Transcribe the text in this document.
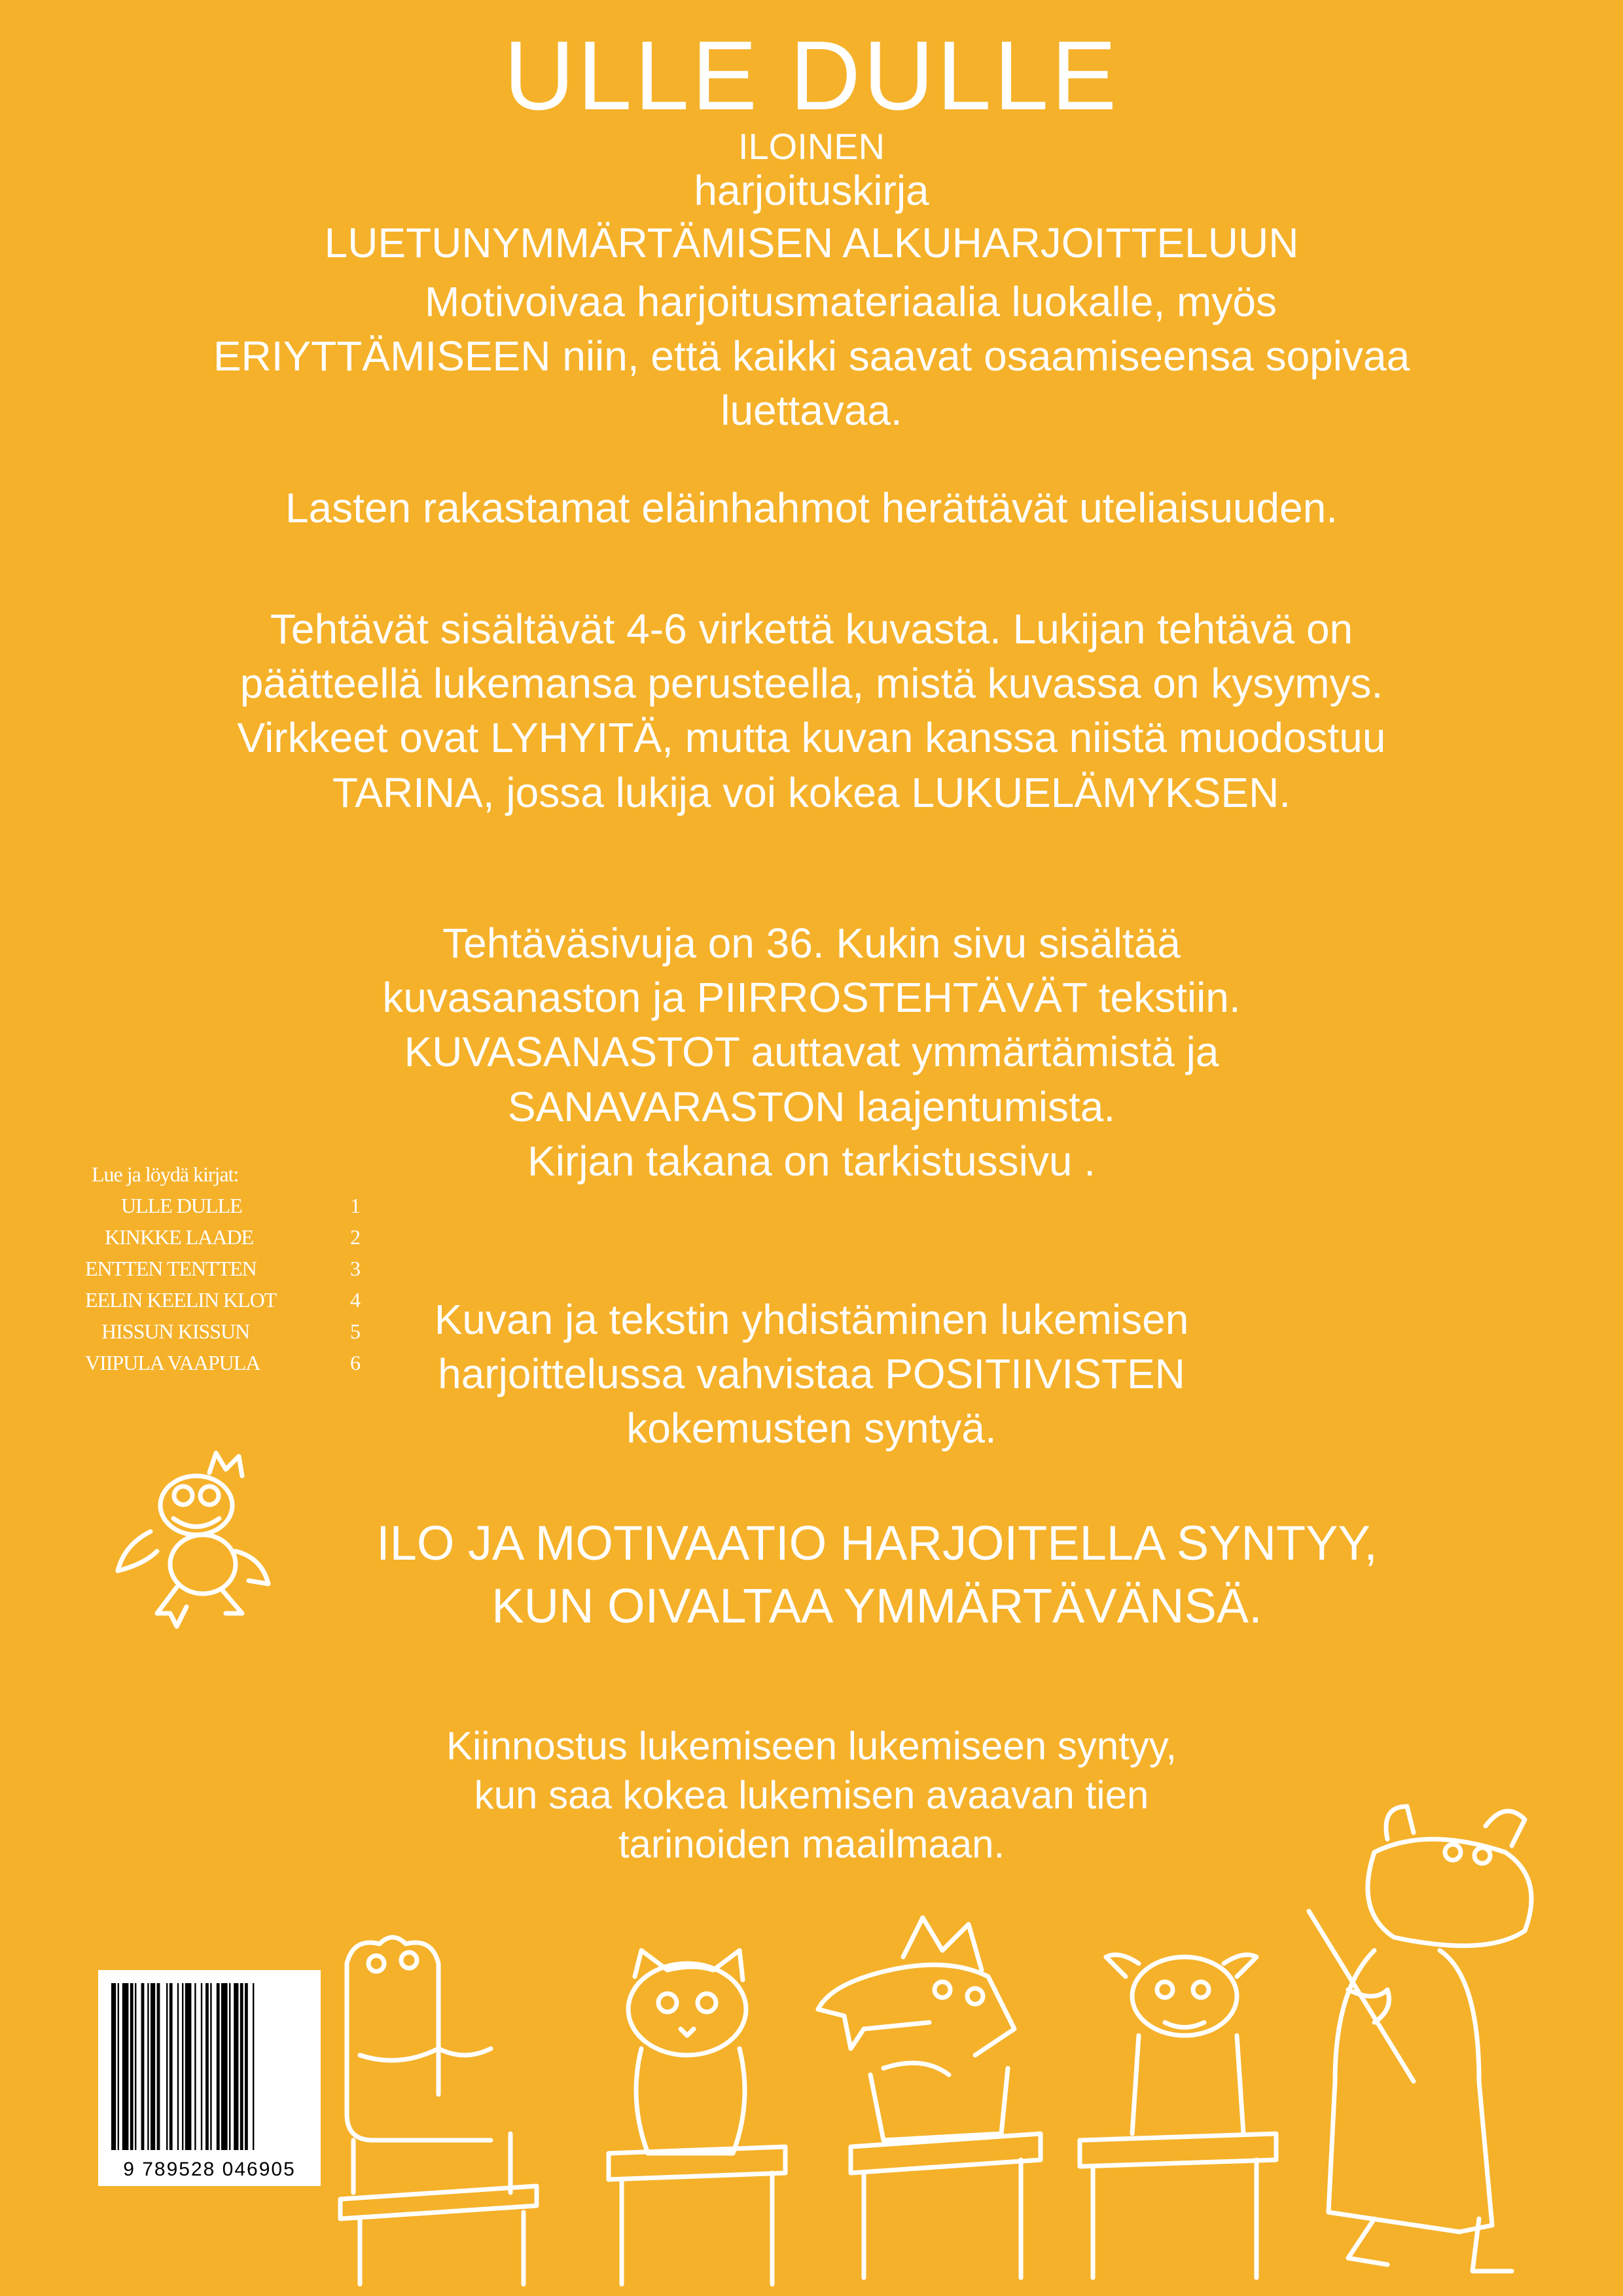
ULLE DULLE
ILOINEN
harjoituskirja
LUETUNYMMÄRTÄMISEN ALKUHARJOITTELUUN
Motivoivaa harjoitusmateriaalia luokalle, myös
ERIYTTÄMISEEN niin, että kaikki saavat osaamiseensa sopivaa
luettavaa.
Lasten rakastamat eläinhahmot herättävät uteliaisuuden.
Tehtävät sisältävät 4-6 virkettä kuvasta. Lukijan tehtävä on
päätteellä lukemansa perusteella, mistä kuvassa on kysymys.
Virkkeet ovat LYHYITÄ, mutta kuvan kanssa niistä muodostuu
TARINA, jossa lukija voi kokea LUKUELÄMYKSEN.
Tehtäväsivuja on 36. Kukin sivu sisältää
kuvasanaston ja PIIRROSTEHTÄVÄT tekstiin.
KUVASANASTOT auttavat ymmärtämistä ja
SANAVARASTON laajentumista.
Kirjan takana on tarkistussivu .
Kuvan ja tekstin yhdistäminen lukemisen
harjoittelussa vahvistaa POSITIIVISTEN
kokemusten syntyä.
ILO JA MOTIVAATIO HARJOITELLA SYNTYY,
KUN OIVALTAA YMMÄRTÄVÄNSÄ.
Kiinnostus lukemiseen lukemiseen syntyy,
kun saa kokea lukemisen avaavan tien
tarinoiden maailmaan.
Lue ja löydä kirjat:
ULLE DULLE	1
KINKKE LAADE	2
ENTTEN TENTTEN	3
EELIN KEELIN KLOT	4
HISSUN KISSUN	5
VIIPULA VAAPULA	6
9 789528 046905
